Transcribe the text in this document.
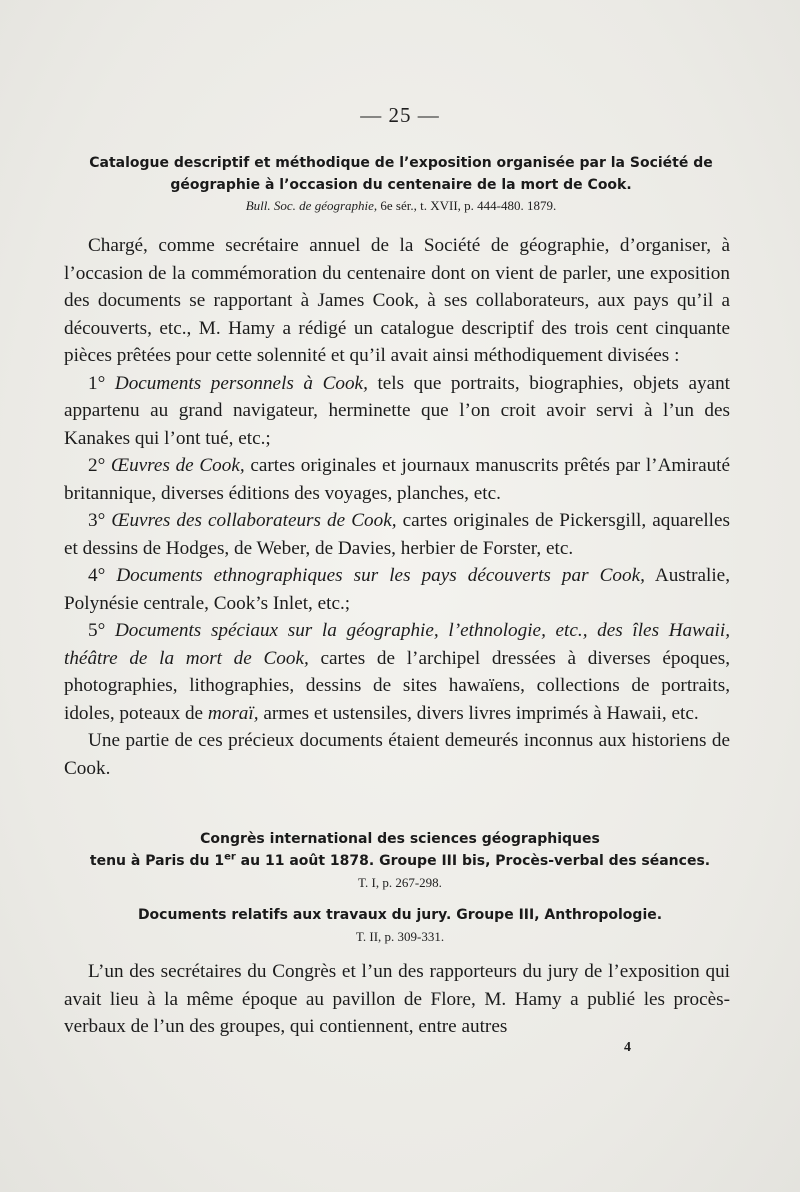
— 25 —
Catalogue descriptif et méthodique de l’exposition organisée par la Société de géographie à l’occasion du centenaire de la mort de Cook.
Bull. Soc. de géographie, 6e sér., t. XVII, p. 444-480. 1879.

Chargé, comme secrétaire annuel de la Société de géographie, d’organiser, à l’occasion de la commémoration du centenaire dont on vient de parler, une exposition des documents se rapportant à James Cook, à ses collaborateurs, aux pays qu’il a découverts, etc., M. Hamy a rédigé un catalogue descriptif des trois cent cinquante pièces prêtées pour cette solennité et qu’il avait ainsi méthodiquement divisées :

1° Documents personnels à Cook, tels que portraits, biographies, objets ayant appartenu au grand navigateur, herminette que l’on croit avoir servi à l’un des Kanakes qui l’ont tué, etc.;

2° Œuvres de Cook, cartes originales et journaux manuscrits prêtés par l’Amirauté britannique, diverses éditions des voyages, planches, etc.

3° Œuvres des collaborateurs de Cook, cartes originales de Pickersgill, aquarelles et dessins de Hodges, de Weber, de Davies, herbier de Forster, etc.

4° Documents ethnographiques sur les pays découverts par Cook, Australie, Polynésie centrale, Cook’s Inlet, etc.;

5° Documents spéciaux sur la géographie, l’ethnologie, etc., des îles Hawaii, théâtre de la mort de Cook, cartes de l’archipel dressées à diverses époques, photographies, lithographies, dessins de sites hawaïens, collections de portraits, idoles, poteaux de moraï, armes et ustensiles, divers livres imprimés à Hawaii, etc.

Une partie de ces précieux documents étaient demeurés inconnus aux historiens de Cook.

Congrès international des sciences géographiques
tenu à Paris du 1er au 11 août 1878. Groupe III bis, Procès-verbal des séances.
T. I, p. 267-298.
Documents relatifs aux travaux du jury. Groupe III, Anthropologie.
T. II, p. 309-331.

L’un des secrétaires du Congrès et l’un des rapporteurs du jury de l’exposition qui avait lieu à la même époque au pavillon de Flore, M. Hamy a publié les procès-verbaux de l’un des groupes, qui contiennent, entre autres

4
